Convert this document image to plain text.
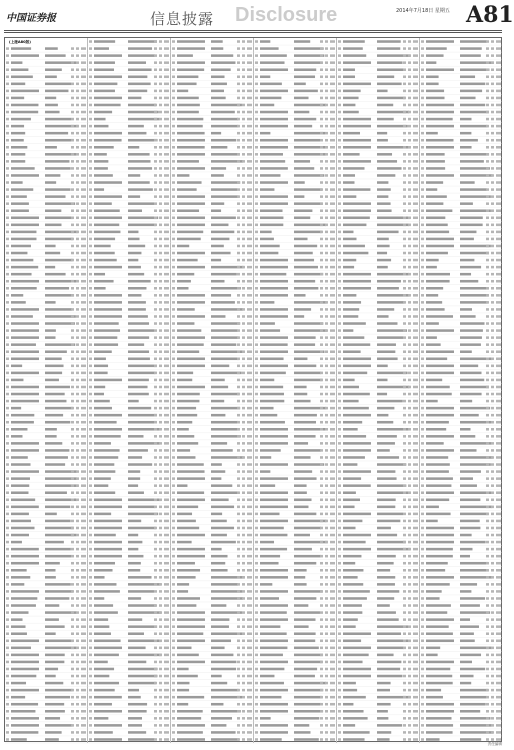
中国证券报	信息披露 Disclosure	2014年7月18日 星期五 A81
(上接A80版)
责任编辑
